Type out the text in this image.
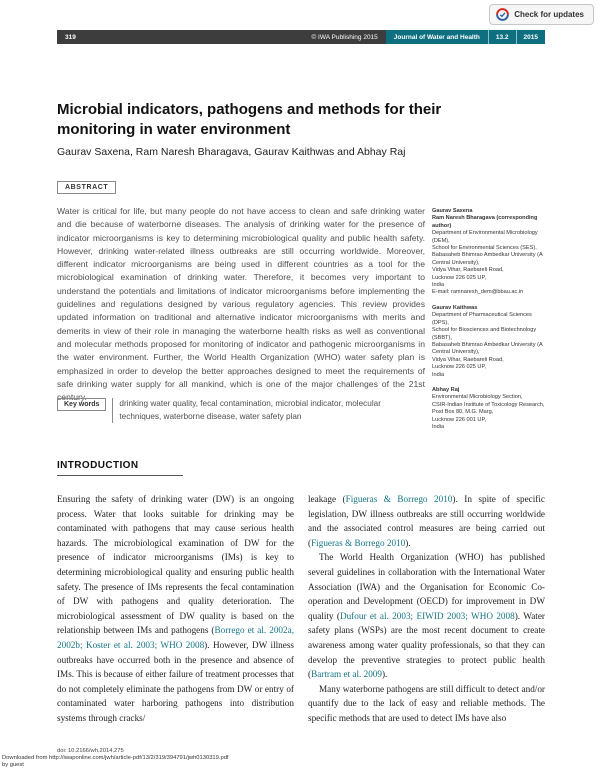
Check for updates
319	© IWA Publishing 2015	Journal of Water and Health	13.2	2015
Microbial indicators, pathogens and methods for their monitoring in water environment
Gaurav Saxena, Ram Naresh Bharagava, Gaurav Kaithwas and Abhay Raj
ABSTRACT
Water is critical for life, but many people do not have access to clean and safe drinking water and die because of waterborne diseases. The analysis of drinking water for the presence of indicator microorganisms is key to determining microbiological quality and public health safety. However, drinking water-related illness outbreaks are still occurring worldwide. Moreover, different indicator microorganisms are being used in different countries as a tool for the microbiological examination of drinking water. Therefore, it becomes very important to understand the potentials and limitations of indicator microorganisms before implementing the guidelines and regulations designed by various regulatory agencies. This review provides updated information on traditional and alternative indicator microorganisms with merits and demerits in view of their role in managing the waterborne health risks as well as conventional and molecular methods proposed for monitoring of indicator and pathogenic microorganisms in the water environment. Further, the World Health Organization (WHO) water safety plan is emphasized in order to develop the better approaches designed to meet the requirements of safe drinking water supply for all mankind, which is one of the major challenges of the 21st century.
Key words	drinking water quality, fecal contamination, microbial indicator, molecular techniques, waterborne disease, water safety plan
Gaurav Saxena
Ram Naresh Bharagava (corresponding author)
Department of Environmental Microbiology (DEM),
School for Environmental Sciences (SES),
Babasaheb Bhimrao Ambedkar University (A
Central University),
Vidya Vihar, Raebareli Road,
Lucknow 226 025 UP,
India
E-mail: ramnaresh_dem@bbau.ac.in
Gaurav Kaithwas
Department of Pharmaceutical Sciences (DPS),
School for Biosciences and Biotechnology (SBBT),
Babasaheb Bhimrao Ambedkar University (A
Central University),
Vidya Vihar, Raebareli Road,
Lucknow 226 025 UP,
India
Abhay Raj
Environmental Microbiology Section,
CSIR-Indian Institute of Toxicology Research,
Post Box 80, M.G. Marg,
Lucknow 226 001 UP,
India
INTRODUCTION

Ensuring the safety of drinking water (DW) is an ongoing process. Water that looks suitable for drinking may be contaminated with pathogens that may cause serious health hazards. The microbiological examination of DW for the presence of indicator microorganisms (IMs) is key to determining microbiological quality and ensuring public health safety. The presence of IMs represents the fecal contamination of DW with pathogens and quality deterioration. The microbiological assessment of DW quality is based on the relationship between IMs and pathogens (Borrego et al. 2002a, 2002b; Koster et al. 2003; WHO 2008). However, DW illness outbreaks have occurred both in the presence and absence of IMs. This is because of either failure of treatment processes that do not completely eliminate the pathogens from DW or entry of contaminated water harboring pathogens into distribution systems through cracks/

leakage (Figueras & Borrego 2010). In spite of specific legislation, DW illness outbreaks are still occurring worldwide and the associated control measures are being carried out (Figueras & Borrego 2010).

The World Health Organization (WHO) has published several guidelines in collaboration with the International Water Association (IWA) and the Organisation for Economic Co-operation and Development (OECD) for improvement in DW quality (Dufour et al. 2003; EIWID 2003; WHO 2008). Water safety plans (WSPs) are the most recent document to create awareness among water quality professionals, so that they can develop the preventive strategies to protect public health (Bartram et al. 2009).

Many waterborne pathogens are still difficult to detect and/or quantify due to the lack of easy and reliable methods. The specific methods that are used to detect IMs have also

doi: 10.2166/wh.2014.275
Downloaded from http://iwaponline.com/jwh/article-pdf/13/2/319/394791/jwh0130319.pdf
by guest
